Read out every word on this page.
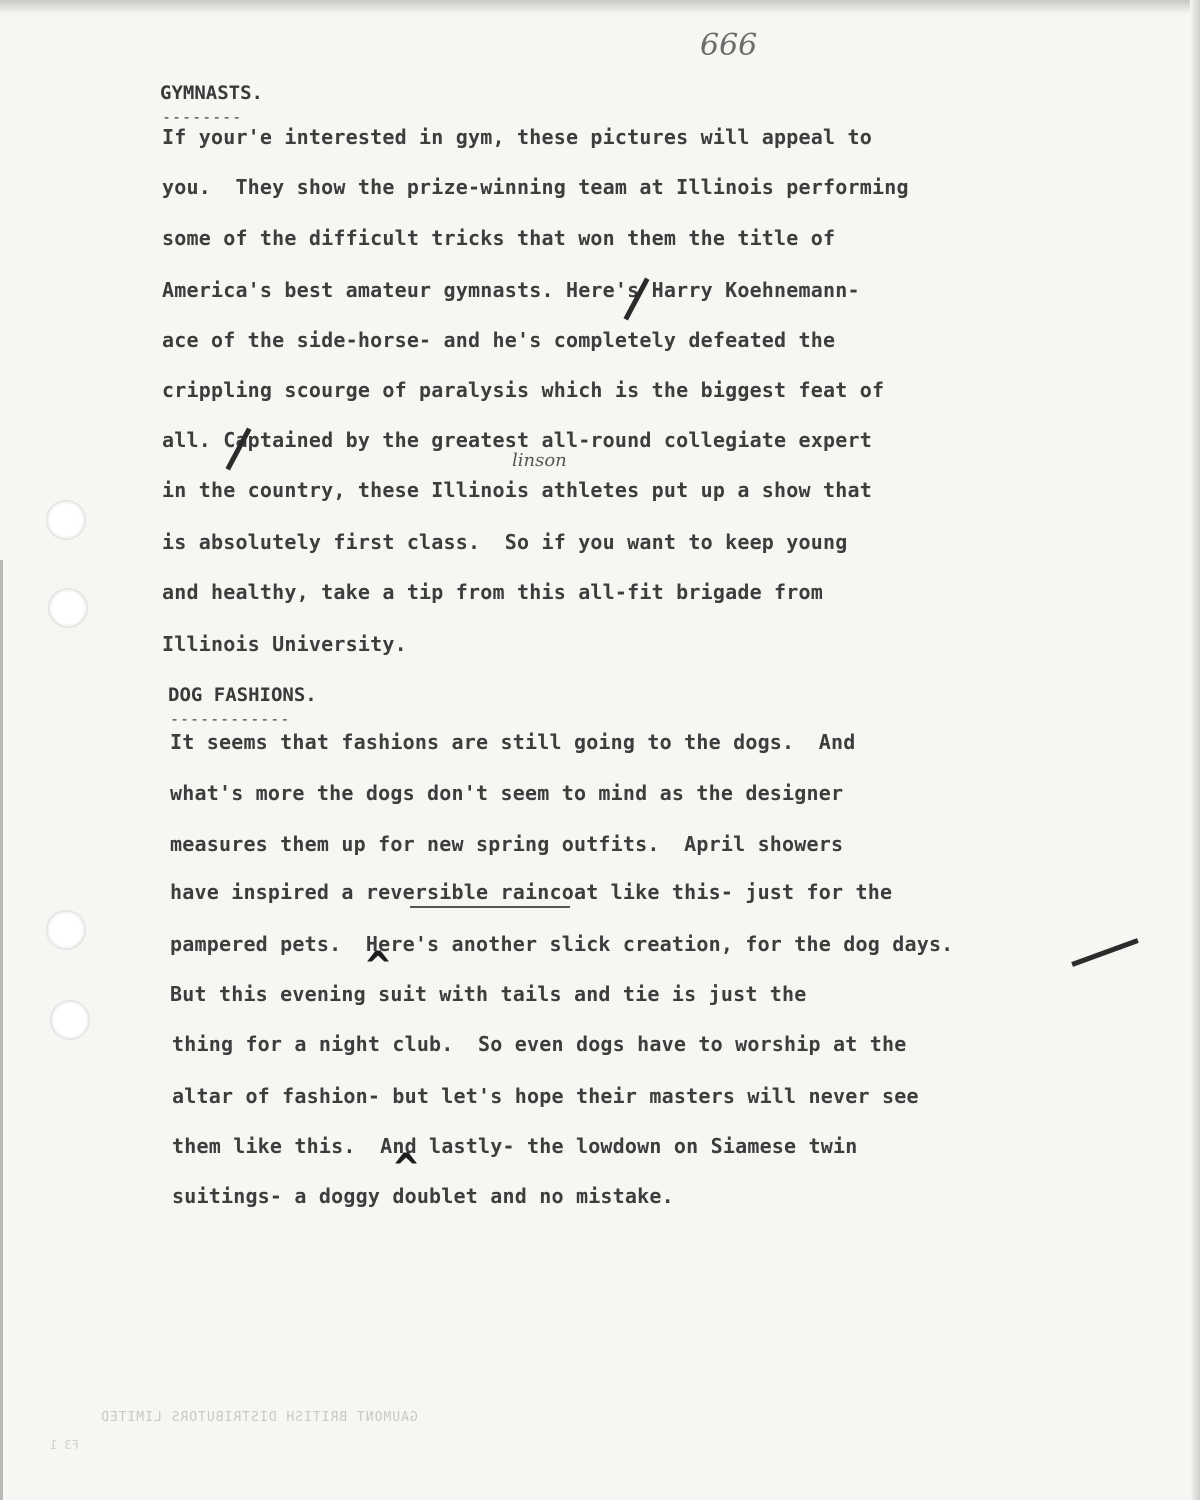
666
GYMNASTS.
--------
If your'e interested in gym, these pictures will appeal to
you.  They show the prize-winning team at Illinois performing
some of the difficult tricks that won them the title of
America's best amateur gymnasts. Here's Harry Koehnemann-
ace of the side-horse- and he's completely defeated the
crippling scourge of paralysis which is the biggest feat of
all. Captained by the greatest all-round collegiate expert
in the country, these Illinois athletes put up a show that
is absolutely first class.  So if you want to keep young
and healthy, take a tip from this all-fit brigade from
Illinois University.
linson
DOG FASHIONS.
------------
It seems that fashions are still going to the dogs.  And
what's more the dogs don't seem to mind as the designer
measures them up for new spring outfits.  April showers
have inspired a reversible raincoat like this- just for the
pampered pets.  Here's another slick creation, for the dog days.
But this evening suit with tails and tie is just the
thing for a night club.  So even dogs have to worship at the
altar of fashion- but let's hope their masters will never see
them like this.  And lastly- the lowdown on Siamese twin
suitings- a doggy doublet and no mistake.
^
^
GAUMONT BRITISH DISTRIBUTORS LIMITED
F3 1
